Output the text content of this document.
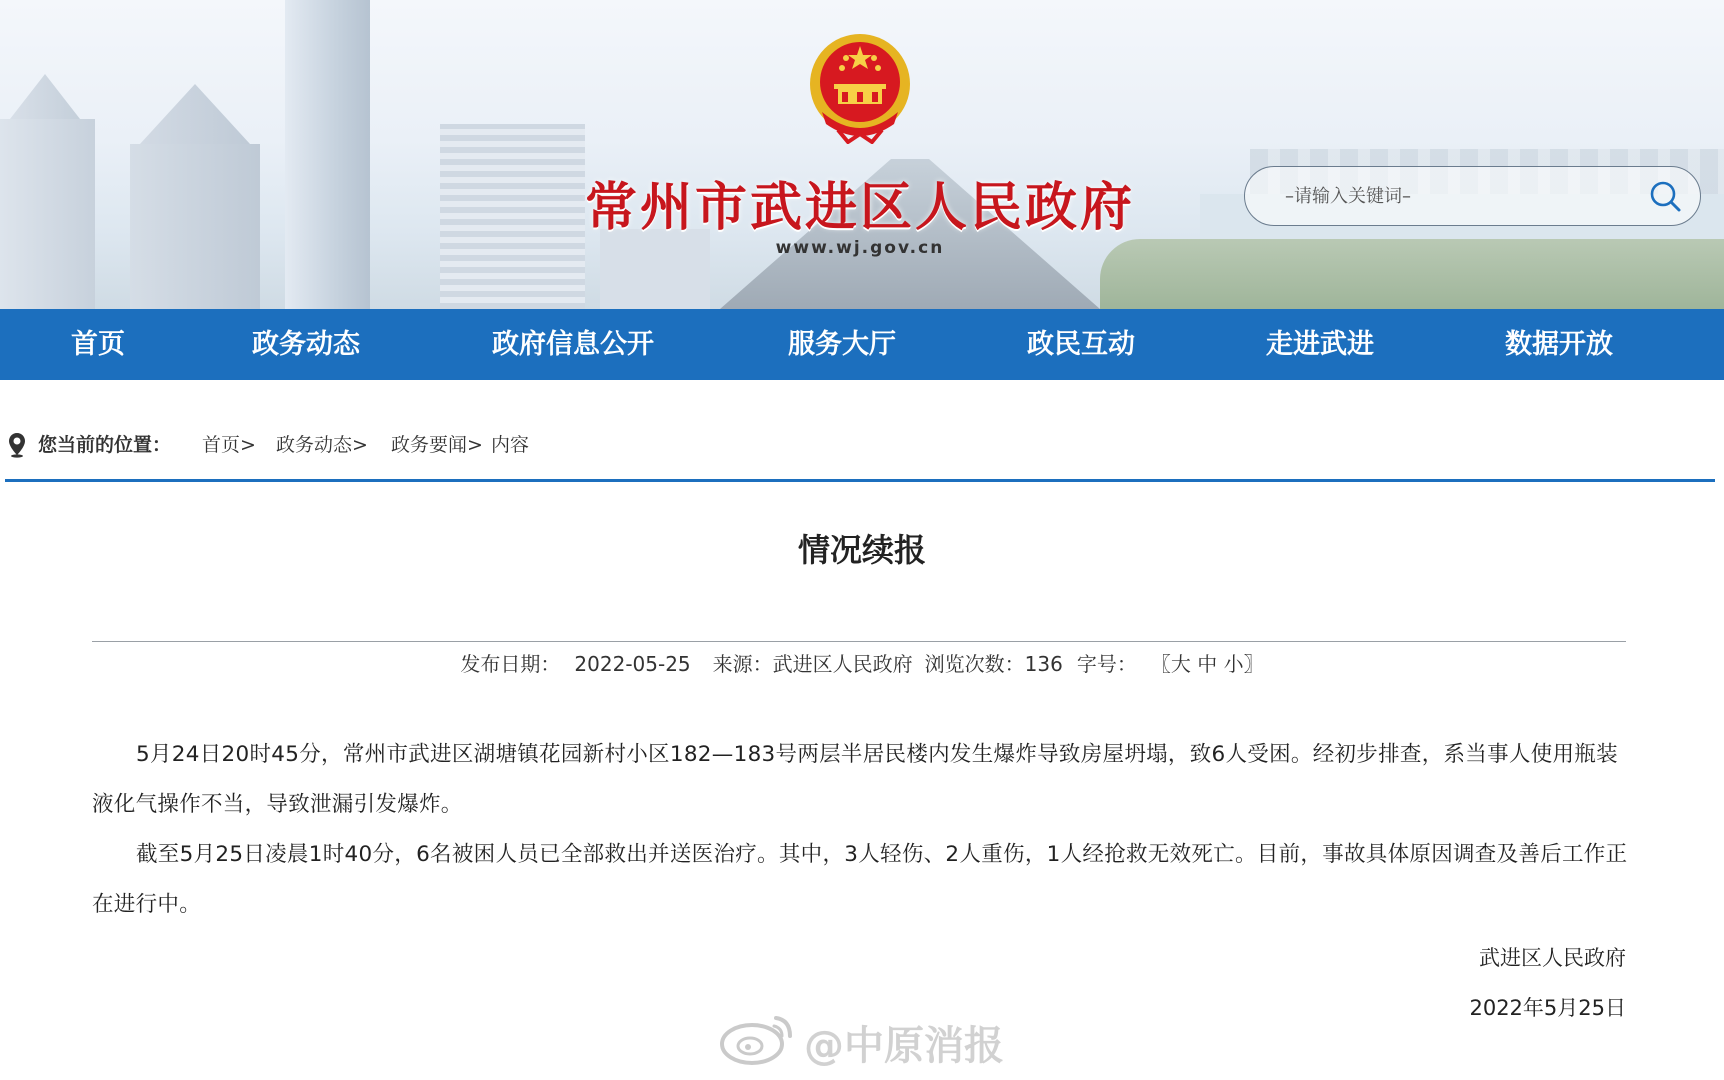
常州市武进区人民政府
www.wj.gov.cn
–请输入关键词–
首页	政务动态	政府信息公开	服务大厅	政民互动	走进武进	数据开放
您当前的位置： 首页> 政务动态> 政务要闻> 内容
情况续报
发布日期： 2022-05-25 来源：武进区人民政府 浏览次数：136 字号： 〖大 中 小〗
5月24日20时45分，常州市武进区湖塘镇花园新村小区182—183号两层半居民楼内发生爆炸导致房屋坍塌，致6人受困。经初步排查，系当事人使用瓶装液化气操作不当，导致泄漏引发爆炸。
截至5月25日凌晨1时40分，6名被困人员已全部救出并送医治疗。其中，3人轻伤、2人重伤，1人经抢救无效死亡。目前，事故具体原因调查及善后工作正在进行中。
武进区人民政府
2022年5月25日
@中原消报
